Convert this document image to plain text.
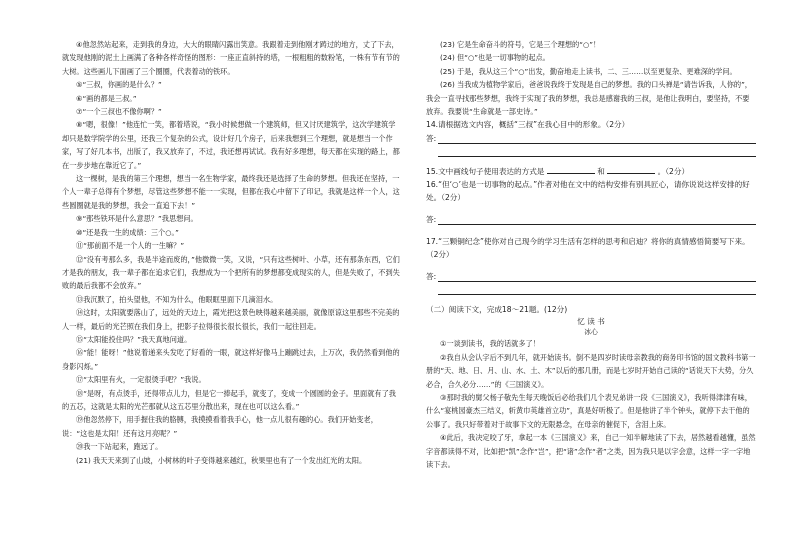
④他忽然站起来，走到我的身边，大大的眼睛闪露出笑意。我跟着走到他刚才踌过的地方，丈了下去，就发现他刚的泥土上画满了各种各样奇怪的图形：一座正直斜持的塔，一根粗粗的数粉笔，一株有节有节的大树。这些画儿下面画了三个圈圈，代表着动的铁环。

⑤“三叔，你画的是什么？”

⑥“画的都是三叔。”

⑦“一个三叔也不像你啊？”

⑧“嗯，很像！”他连忙一笑，都着塔说，“我小时候想做一个建筑师，但又讨厌建筑学，这次学建筑学却只是数学院学的公里，还我三个复杂的公式，设计好几个房子，后来我想到三个理想，就是想当一个作家，写了好几本书，出版了，我又放弃了，不过，我还想再试试。我有好多理想，每天都在实现的路上，都在一步步地在靠近它了。”

这一棵树，是我的第三个理想，想当一名生物学家，最终我还是选择了生命的梦想。但我还在坚持，一个人一辈子总得有个梦想，尽管这些梦想不能一一实现，但都在我心中留下了印记，我就是这样一个人，这些圆圈就是我的梦想，我会一直追下去！”

⑨“那些铁环是什么意思？”我思想问。

⑩“还是我一生的成绩：三个○。”

⑪“那前面不是一个人的一生嘛？”

⑫“没有考那么多，我是半途而废的，”他微微一笑，又说，“只有这些树叶、小草，还有那条东西，它们才是我的朋友，我一辈子都在追求它们，我想成为一个把所有的梦想都变成现实的人，但是失败了，不到失败的最后我都不会放弃。”

⑬我沉默了，拍头望他，不知为什么，他眼眶里面下几滴泪水。

⑭这时，太阳就要落山了，远处的天边上，霞光把这景色映得越来越美丽，就像原谅这里那些不完美的人一样，最后的光芒照在我们身上，把影子拉得很长很长很长，我们一起往回走。

⑮“太阳能投住吗？”我天真地问道。

⑯“能！能呀！”他说着递来头发吃了好看的一眼，就这样好像马上蹦跳过去，上万次，我仍然看到他的身影闪烁。”

⑰“太阳里有火，一定很烫手吧？”我说。

⑱“是呀，有点烫手，还得带点儿力，但是它一捧起手，就变了，变成一个圆圆的金子。里面就有了我的五芯，这就是太阳的光芒那就从这五芯里分散出来，现在也可以这么看。”

⑲他忽然停下，用手握住我的胳膊，我摸摸看着我手心，他一点儿很有趣的心。我们开始变老，说：“这也是太阳！还有这月亮呢？”

⑳我一下站起来，跑远了。

(21) 我天天来到了山坡，小树林的叶子变得越来越红，秋果里也有了一个发出红光的太阳。

(23) 它是生命奋斗的符号，它是三个理想的“○”！

(24) 但“○”也是一切事物的起点。

(25) 于是，我从这三个“○”出发，勤奋地走上读书，二、三……以至更复杂、更难深的学问。

(26) 当我成为植物学家后，爸爸说我终于发现是自己的梦想。我的口头禅是“请告诉我，人你的”，我会一直寻找那些梦想，我终于实现了我的梦想，我总是感谢我的三叔，是他让我明白，要坚持，不要放弃。我要说“生命就是一部史诗。”

14.请根据选文内容，概括“三叔”在我心目中的形象。（2分）

答:

15.文中画线句子使用表达的方式是	和	。（2分）

16.“但‘○’也是一切事物的起点。”作者对他在文中的结构安排有别具匠心，请你说说这样安排的好处。（2分）

答:

17.“三颗铜纪念”使你对自己现今的学习生活有怎样的思考和启迪？将你的真情感悟简要写下来。（2分）

答:

（二）阅读下文，完成18〜21题。(12分)

忆 读 书

冰心

①一谈到读书，我的话就多了！

②我自从会认字后不到几年，就开始读书。倒不是四岁时读母亲教我的商务印书馆的国文教科书第一册的“天、地、日、月、山、水、土、木”以后的那几册，而是七岁时开始自己读的“话说天下大势，分久必合，合久必分……”的《三国演义》。

③那时我的舅父杨子敬先生每天晚饭后必给我们几个表兄弟讲一段《三国演义》，我听得津津有味，什么“宴桃园豪杰三结义，斩黄巾英雄首立功”，真是好听极了。但是他讲了半个钟头，就停下去干他的公事了。我只好带着对于故事下文的无限悬念，在母亲的催促下，含泪上床。

④此后，我决定咬了牙，拿起一本《三国演义》来，自己一知半解地读了下去，居然越看越懂，虽然字音都读得不对，比如把“凯”念作“岂”，把“诸”念作“者”之类，因为我只是以字会意，这样一字一字地读下去。
